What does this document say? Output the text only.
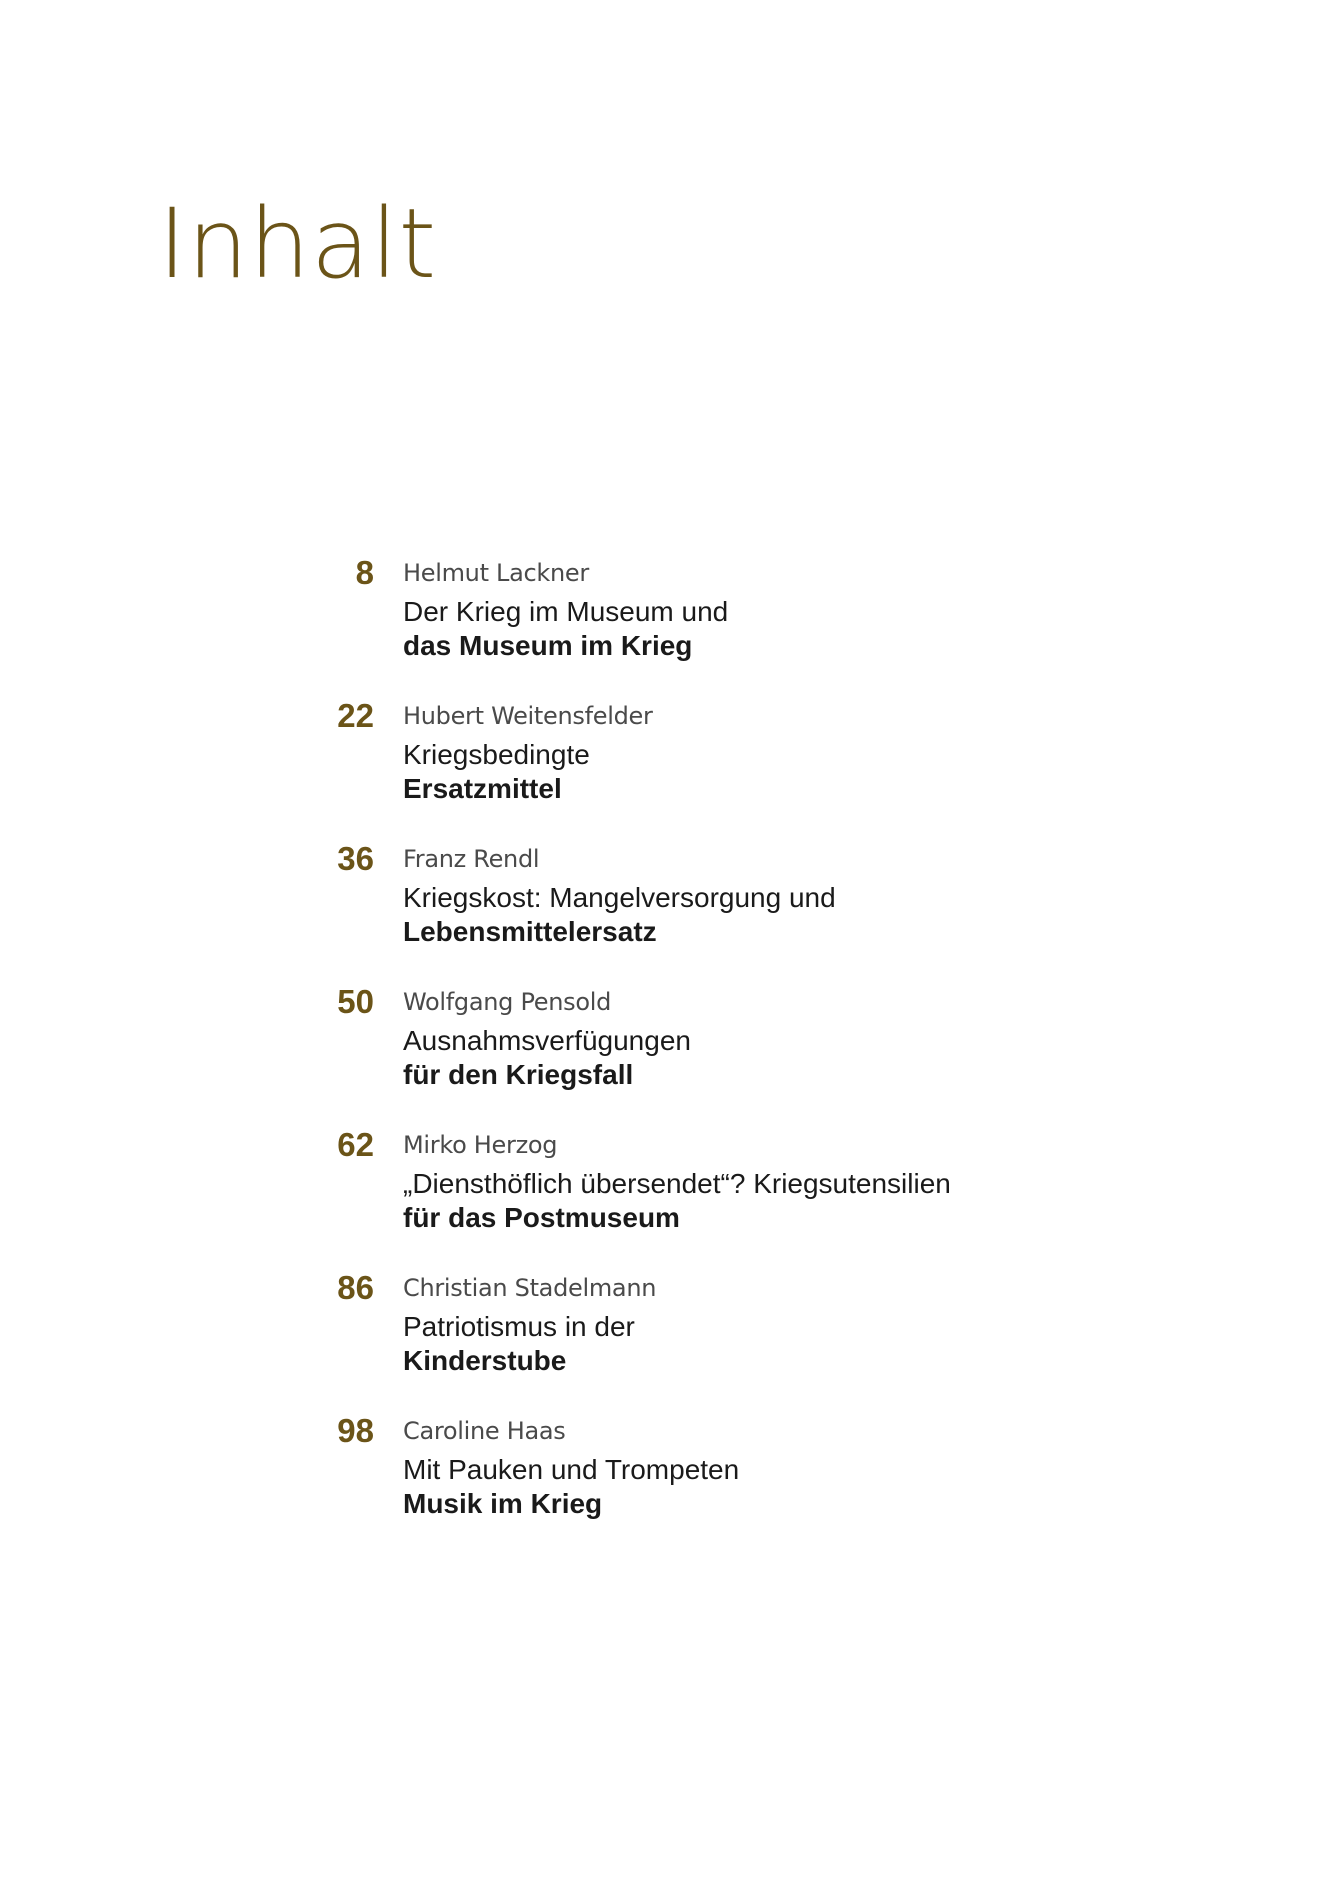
Inhalt
8 Helmut Lackner
Der Krieg im Museum und
das Museum im Krieg
22 Hubert Weitensfelder
Kriegsbedingte
Ersatzmittel
36 Franz Rendl
Kriegskost: Mangelversorgung und
Lebensmittelersatz
50 Wolfgang Pensold
Ausnahmsverfügungen
für den Kriegsfall
62 Mirko Herzog
„Diensthöflich übersendet“? Kriegsutensilien
für das Postmuseum
86 Christian Stadelmann
Patriotismus in der
Kinderstube
98 Caroline Haas
Mit Pauken und Trompeten
Musik im Krieg
